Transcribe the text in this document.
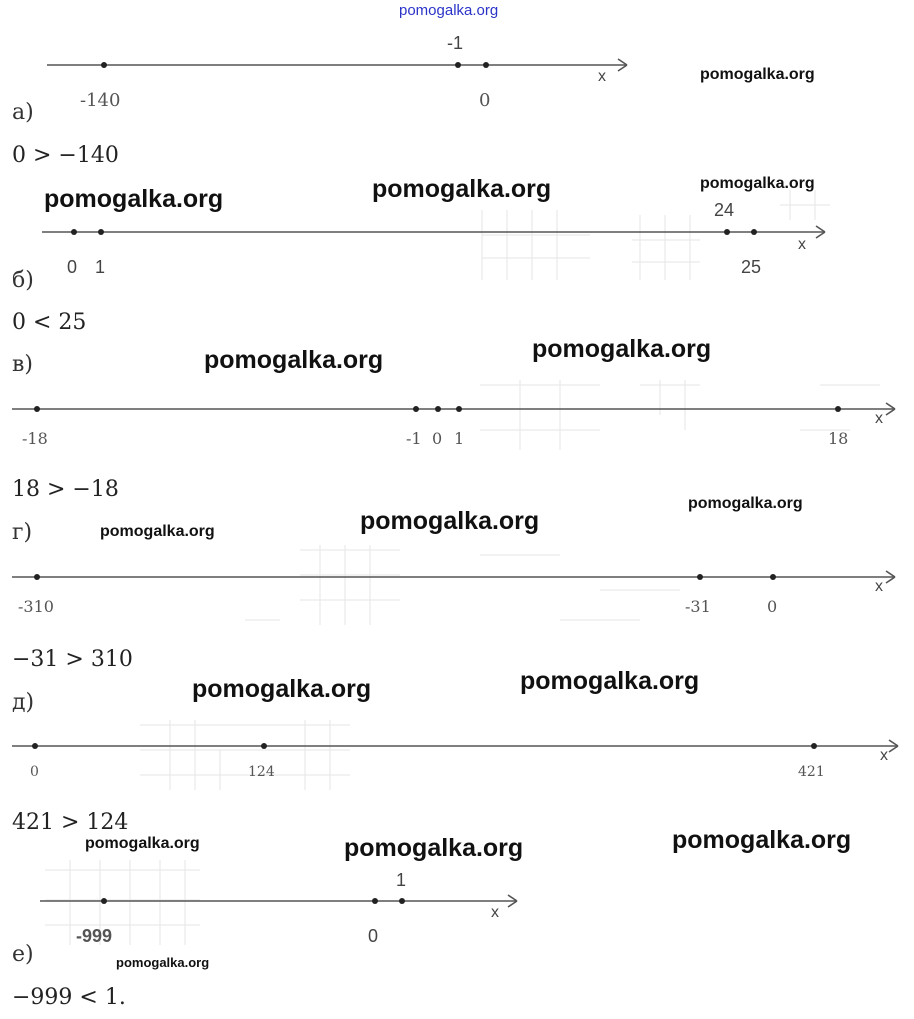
pomogalka.org
pomogalka.org
pomogalka.org
pomogalka.org	pomogalka.org
pomogalka.org	pomogalka.org
pomogalka.org
pomogalka.org
pomogalka.org
pomogalka.org	pomogalka.org
pomogalka.org	pomogalka.org	pomogalka.org
pomogalka.org
-1
x
-140	0
а)
0 > −140
24
x
0 1	25
б)
0 < 25
в)
x
-18	-1 0 1	18
18 > −18
г)
x
-310	-31	0
−31 > 310
д)
x
0	124	421
421 > 124
1
x
-999	0
е)
−999 < 1.
